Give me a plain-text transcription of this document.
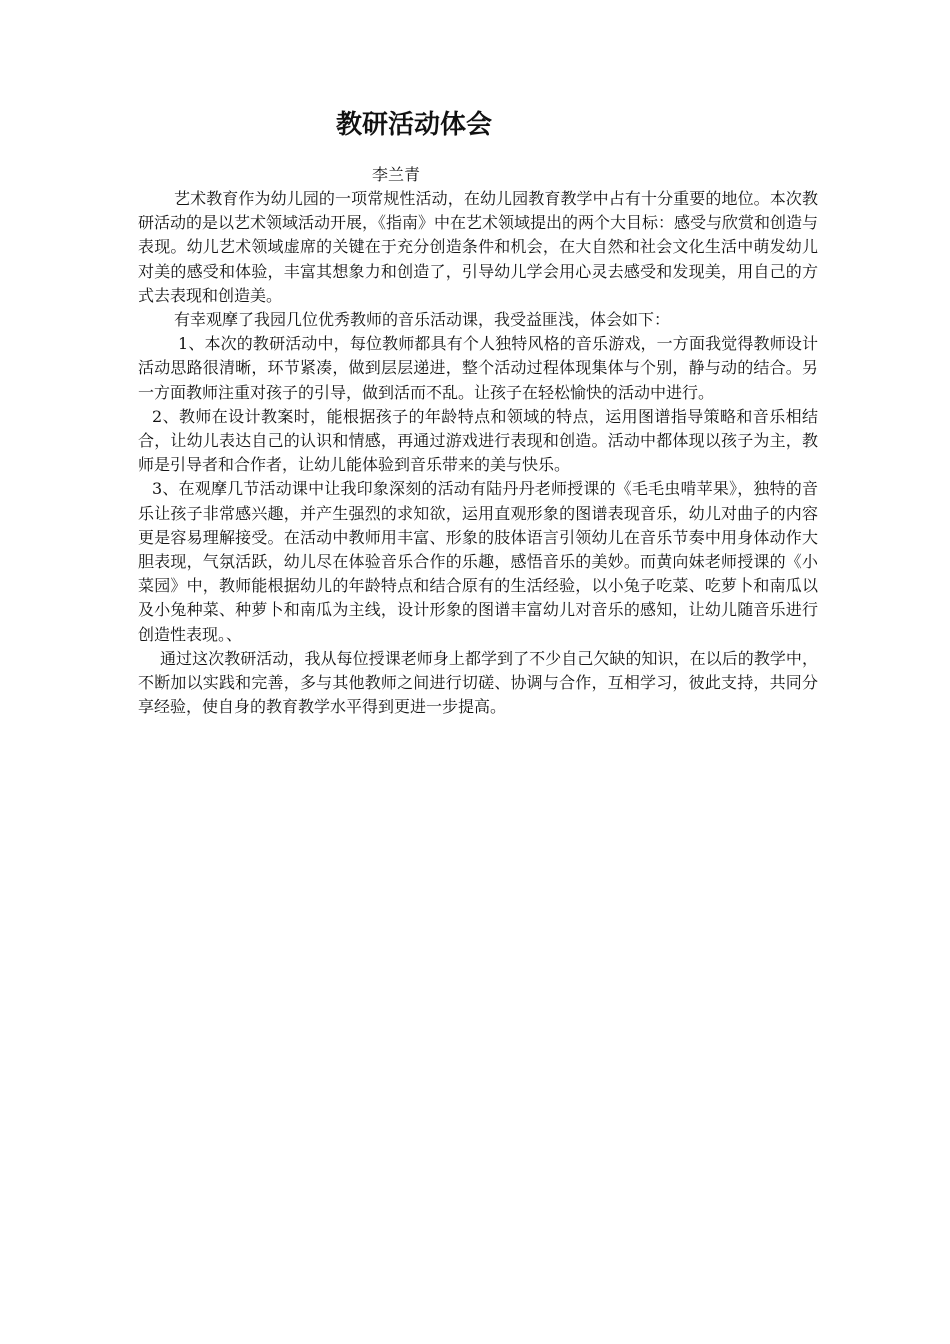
教研活动体会
李兰青

艺术教育作为幼儿园的一项常规性活动，在幼儿园教育教学中占有十分重要的地位。本次教研活动的是以艺术领域活动开展，《指南》中在艺术领域提出的两个大目标：感受与欣赏和创造与表现。幼儿艺术领域虚席的关键在于充分创造条件和机会，在大自然和社会文化生活中萌发幼儿对美的感受和体验，丰富其想象力和创造了，引导幼儿学会用心灵去感受和发现美，用自己的方式去表现和创造美。

有幸观摩了我园几位优秀教师的音乐活动课，我受益匪浅，体会如下：

1、本次的教研活动中，每位教师都具有个人独特风格的音乐游戏，一方面我觉得教师设计活动思路很清晰，环节紧凑，做到层层递进，整个活动过程体现集体与个别，静与动的结合。另一方面教师注重对孩子的引导，做到活而不乱。让孩子在轻松愉快的活动中进行。

2、教师在设计教案时，能根据孩子的年龄特点和领域的特点，运用图谱指导策略和音乐相结合，让幼儿表达自己的认识和情感，再通过游戏进行表现和创造。活动中都体现以孩子为主，教师是引导者和合作者，让幼儿能体验到音乐带来的美与快乐。

3、在观摩几节活动课中让我印象深刻的活动有陆丹丹老师授课的《毛毛虫啃苹果》，独特的音乐让孩子非常感兴趣，并产生强烈的求知欲，运用直观形象的图谱表现音乐，幼儿对曲子的内容更是容易理解接受。在活动中教师用丰富、形象的肢体语言引领幼儿在音乐节奏中用身体动作大胆表现，气氛活跃，幼儿尽在体验音乐合作的乐趣，感悟音乐的美妙。而黄向妹老师授课的《小菜园》中，教师能根据幼儿的年龄特点和结合原有的生活经验，以小兔子吃菜、吃萝卜和南瓜以及小兔种菜、种萝卜和南瓜为主线，设计形象的图谱丰富幼儿对音乐的感知，让幼儿随音乐进行创造性表现。、

通过这次教研活动，我从每位授课老师身上都学到了不少自己欠缺的知识，在以后的教学中，不断加以实践和完善，多与其他教师之间进行切磋、协调与合作，互相学习，彼此支持，共同分享经验，使自身的教育教学水平得到更进一步提高。
